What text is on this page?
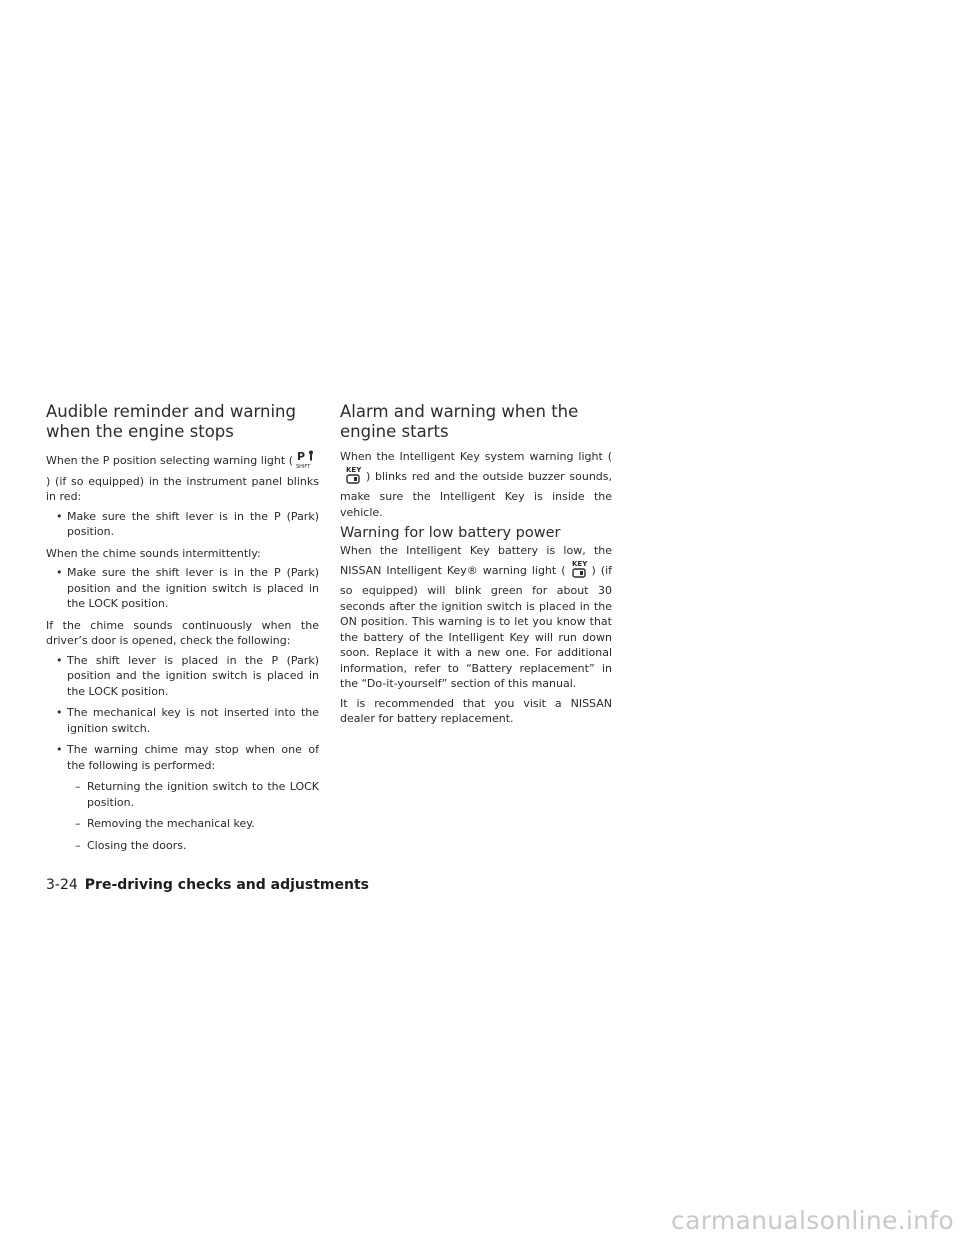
Audible reminder and warning when the engine stops

When the P position selecting warning light ( P
SHIFT
) (if so equipped) in the instrument panel blinks in red:

• Make sure the shift lever is in the P (Park) position.

When the chime sounds intermittently:

• Make sure the shift lever is in the P (Park) position and the ignition switch is placed in the LOCK position.

If the chime sounds continuously when the driver’s door is opened, check the following:

• The shift lever is placed in the P (Park) position and the ignition switch is placed in the LOCK position.

• The mechanical key is not inserted into the ignition switch.

• The warning chime may stop when one of the following is performed:

– Returning the ignition switch to the LOCK position.

– Removing the mechanical key.

– Closing the doors.

Alarm and warning when the engine starts

When the Intelligent Key system warning light (
KEY ) blinks red and the outside buzzer sounds, make sure the Intelligent Key is inside the vehicle.

Warning for low battery power

When the Intelligent Key battery is low, the NISSAN Intelligent Key® warning light ( KEY ) (if so equipped) will blink green for about 30 seconds after the ignition switch is placed in the ON position. This warning is to let you know that the battery of the Intelligent Key will run down soon. Replace it with a new one. For additional information, refer to “Battery replacement” in the “Do-it-yourself” section of this manual.

It is recommended that you visit a NISSAN dealer for battery replacement.

3-24 Pre-driving checks and adjustments
carmanualsonline.info
